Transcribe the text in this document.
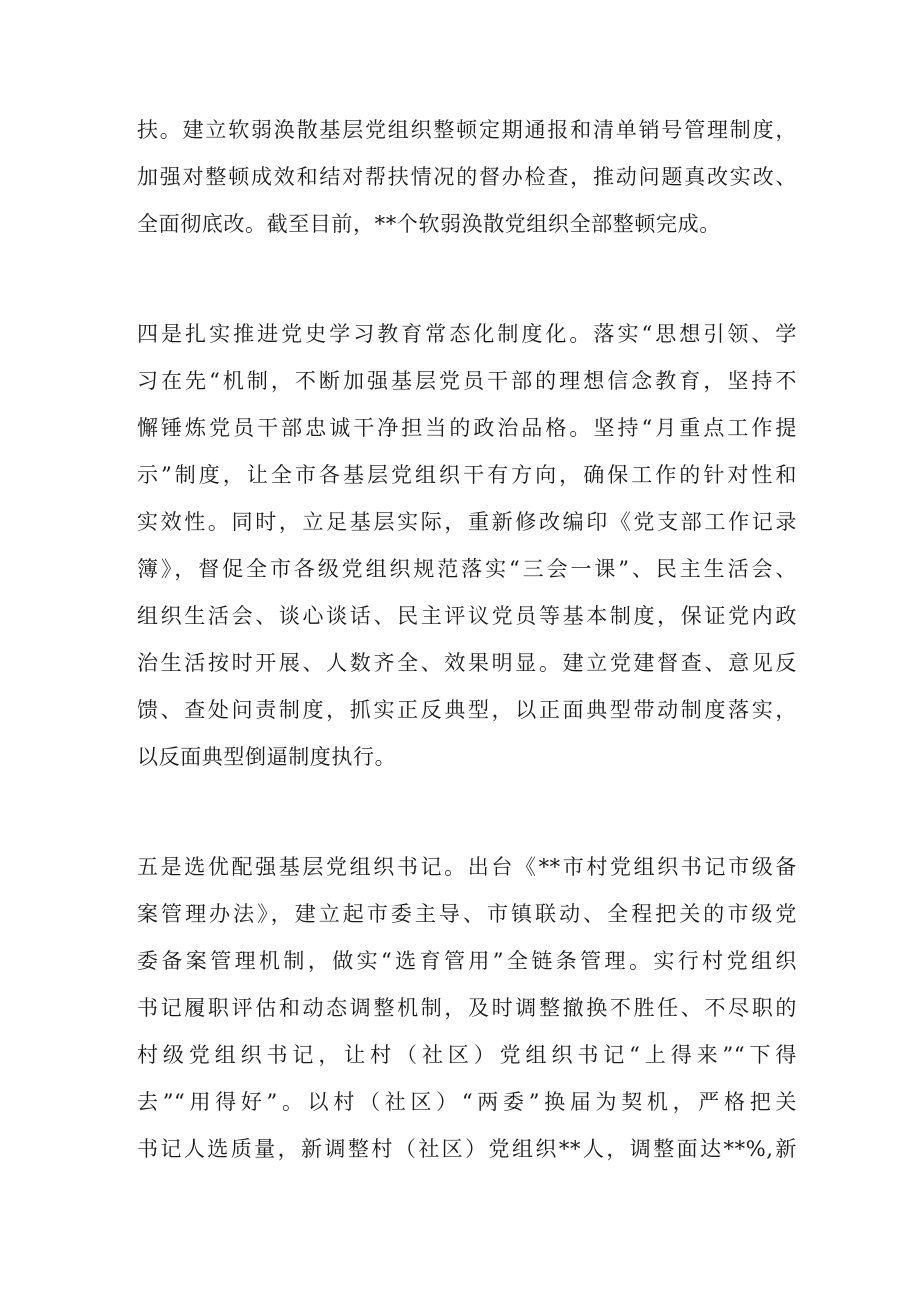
扶。建立软弱涣散基层党组织整顿定期通报和清单销号管理制度，
加强对整顿成效和结对帮扶情况的督办检查，推动问题真改实改、
全面彻底改。截至目前，**个软弱涣散党组织全部整顿完成。
四是扎实推进党史学习教育常态化制度化。落实“思想引领、学
习在先“机制，不断加强基层党员干部的理想信念教育，坚持不
懈锤炼党员干部忠诚干净担当的政治品格。坚持“月重点工作提
示”制度，让全市各基层党组织干有方向，确保工作的针对性和
实效性。同时，立足基层实际，重新修改编印《党支部工作记录
簿》，督促全市各级党组织规范落实“三会一课”、民主生活会、
组织生活会、谈心谈话、民主评议党员等基本制度，保证党内政
治生活按时开展、人数齐全、效果明显。建立党建督查、意见反
馈、查处问责制度，抓实正反典型，以正面典型带动制度落实，
以反面典型倒逼制度执行。
五是选优配强基层党组织书记。出台《**市村党组织书记市级备
案管理办法》，建立起市委主导、市镇联动、全程把关的市级党
委备案管理机制，做实“选育管用”全链条管理。实行村党组织
书记履职评估和动态调整机制，及时调整撤换不胜任、不尽职的
村级党组织书记，让村（社区）党组织书记“上得来”“下得
去”“用得好”。以村（社区）“两委”换届为契机，严格把关
书记人选质量，新调整村（社区）党组织**人，调整面达**%,新
